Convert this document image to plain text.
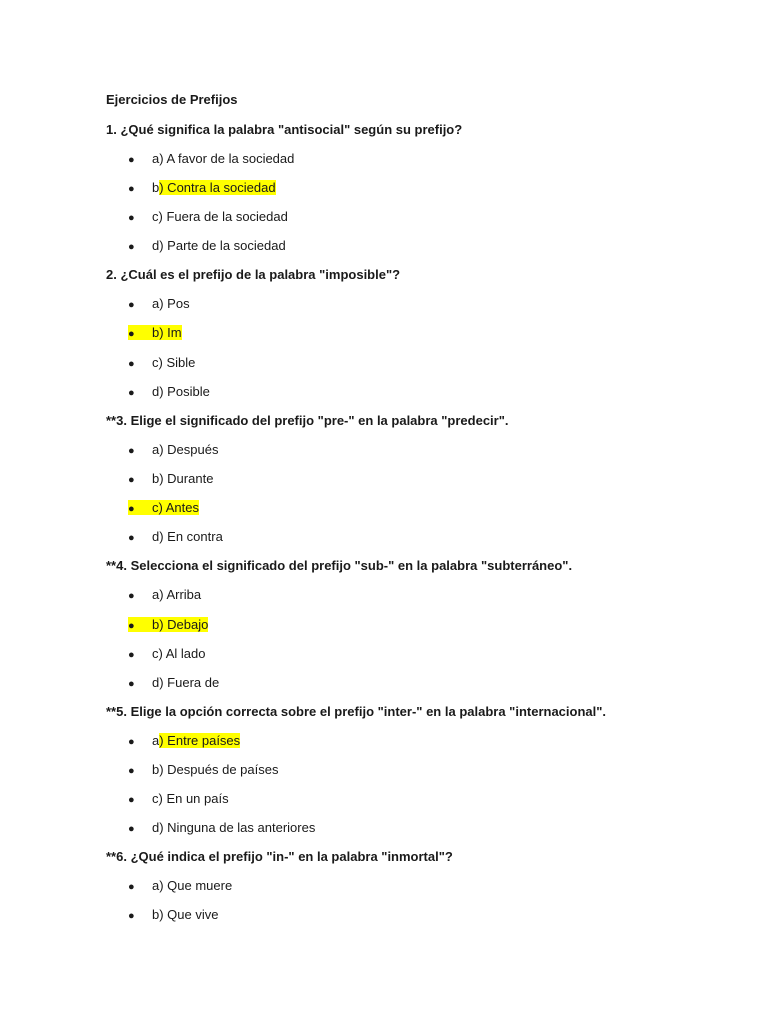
Ejercicios de Prefijos
1. ¿Qué significa la palabra "antisocial" según su prefijo?
● a) A favor de la sociedad
● b) Contra la sociedad
● c) Fuera de la sociedad
● d) Parte de la sociedad
2. ¿Cuál es el prefijo de la palabra "imposible"?
● a) Pos
● b) Im
● c) Sible
● d) Posible
**3. Elige el significado del prefijo "pre-" en la palabra "predecir".
● a) Después
● b) Durante
● c) Antes
● d) En contra
**4. Selecciona el significado del prefijo "sub-" en la palabra "subterráneo".
● a) Arriba
● b) Debajo
● c) Al lado
● d) Fuera de
**5. Elige la opción correcta sobre el prefijo "inter-" en la palabra "internacional".
● a) Entre países
● b) Después de países
● c) En un país
● d) Ninguna de las anteriores
**6. ¿Qué indica el prefijo "in-" en la palabra "inmortal"?
● a) Que muere
● b) Que vive
